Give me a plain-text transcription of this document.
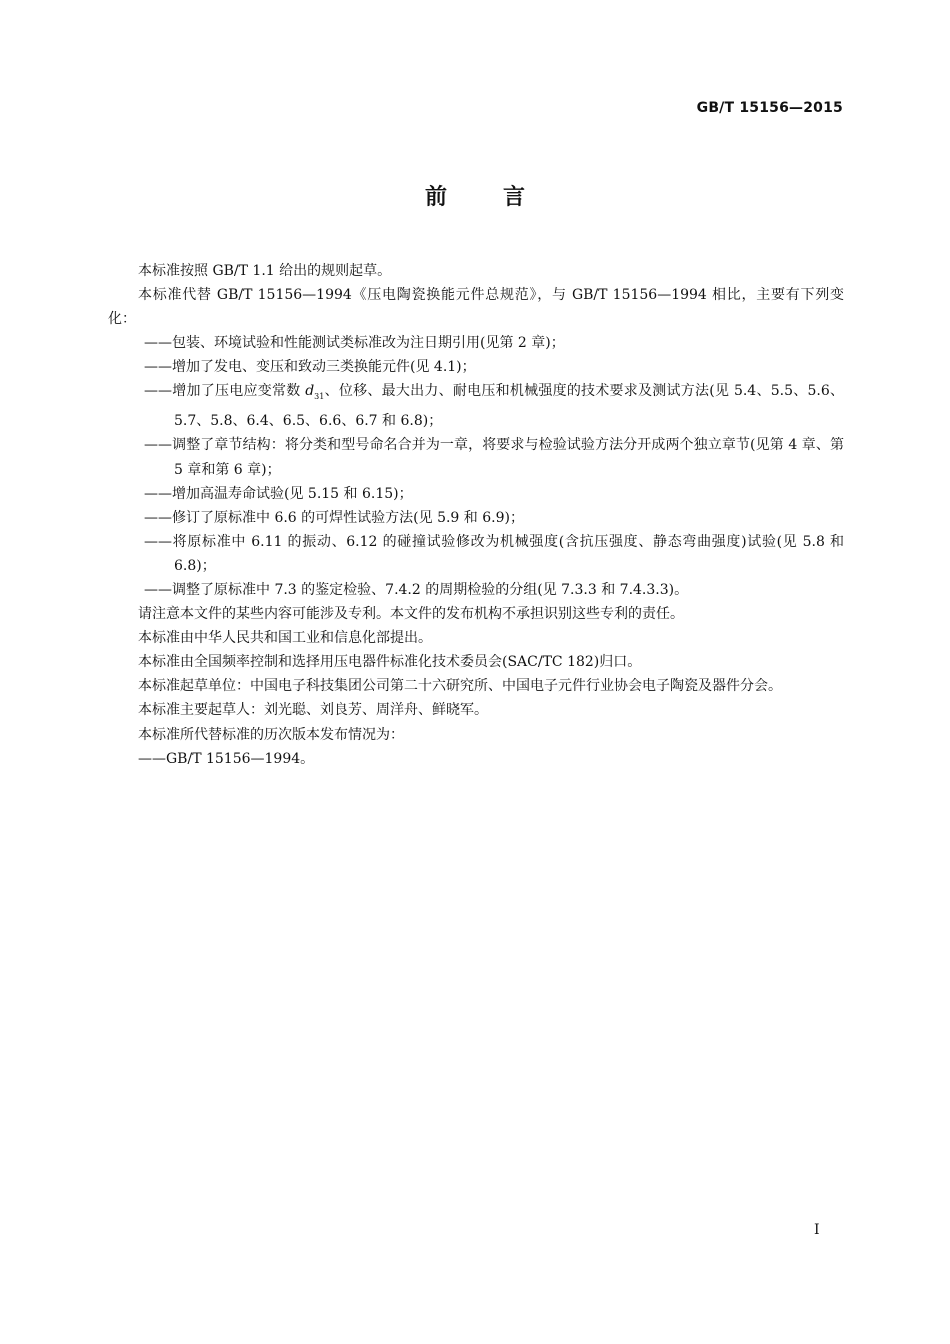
GB/T 15156—2015
前言

本标准按照 GB/T 1.1 给出的规则起草。

本标准代替 GB/T 15156—1994《压电陶瓷换能元件总规范》，与 GB/T 15156—1994 相比，主要有下列变化：

——包装、环境试验和性能测试类标准改为注日期引用(见第 2 章)；

——增加了发电、变压和致动三类换能元件(见 4.1)；

——增加了压电应变常数 $d_{31}$、位移、最大出力、耐电压和机械强度的技术要求及测试方法(见 5.4、5.5、5.6、5.7、5.8、6.4、6.5、6.6、6.7 和 6.8)；

——调整了章节结构：将分类和型号命名合并为一章，将要求与检验试验方法分开成两个独立章节(见第 4 章、第 5 章和第 6 章)；

——增加高温寿命试验(见 5.15 和 6.15)；

——修订了原标准中 6.6 的可焊性试验方法(见 5.9 和 6.9)；

——将原标准中 6.11 的振动、6.12 的碰撞试验修改为机械强度(含抗压强度、静态弯曲强度)试验(见 5.8 和 6.8)；

——调整了原标准中 7.3 的鉴定检验、7.4.2 的周期检验的分组(见 7.3.3 和 7.4.3.3)。

请注意本文件的某些内容可能涉及专利。本文件的发布机构不承担识别这些专利的责任。

本标准由中华人民共和国工业和信息化部提出。

本标准由全国频率控制和选择用压电器件标准化技术委员会(SAC/TC 182)归口。

本标准起草单位：中国电子科技集团公司第二十六研究所、中国电子元件行业协会电子陶瓷及器件分会。

本标准主要起草人：刘光聪、刘良芳、周洋舟、鲜晓军。

本标准所代替标准的历次版本发布情况为：

——GB/T 15156—1994。

I
